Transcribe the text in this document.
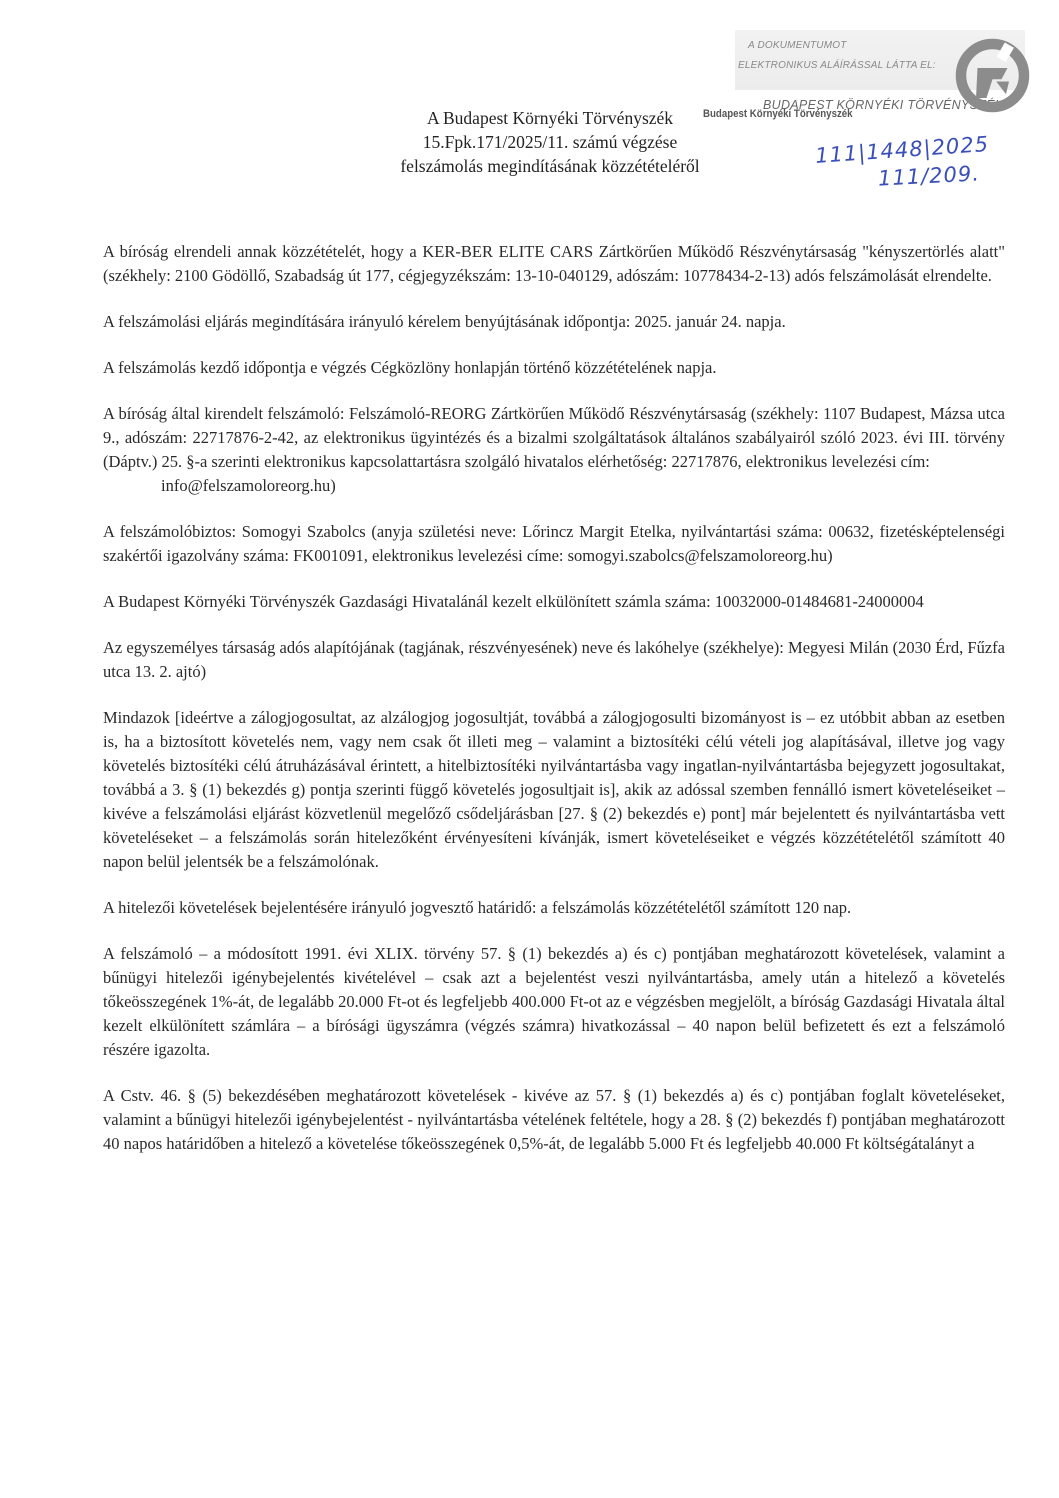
A DOKUMENTUMOT
ELEKTRONIKUS ALÁÍRÁSSAL LÁTTA EL:
BUDAPEST KÖRNYÉKI TÖRVÉNYSZÉK
Budapest Környéki Törvényszék
111|1448|2025
111/209.
A Budapest Környéki Törvényszék
15.Fpk.171/2025/11. számú végzése
felszámolás megindításának közzétételéről

A bíróság elrendeli annak közzétételét, hogy a KER-BER ELITE CARS Zártkörűen Működő Részvénytársaság "kényszertörlés alatt" (székhely: 2100 Gödöllő, Szabadság út 177, cégjegyzékszám: 13-10-040129, adószám: 10778434-2-13) adós felszámolását elrendelte.

A felszámolási eljárás megindítására irányuló kérelem benyújtásának időpontja: 2025. január 24. napja.

A felszámolás kezdő időpontja e végzés Cégközlöny honlapján történő közzétételének napja.

A bíróság által kirendelt felszámoló: Felszámoló-REORG Zártkörűen Működő Részvénytársaság (székhely: 1107 Budapest, Mázsa utca 9., adószám: 22717876-2-42, az elektronikus ügyintézés és a bizalmi szolgáltatások általános szabályairól szóló 2023. évi III. törvény (Dáptv.) 25. §-a szerinti elektronikus kapcsolattartásra szolgáló hivatalos elérhetőség: 22717876, elektronikus levelezési cím:
info@felszamoloreorg.hu)

A felszámolóbiztos: Somogyi Szabolcs (anyja születési neve: Lőrincz Margit Etelka, nyilvántartási száma: 00632, fizetésképtelenségi szakértői igazolvány száma: FK001091, elektronikus levelezési címe: somogyi.szabolcs@felszamoloreorg.hu)

A Budapest Környéki Törvényszék Gazdasági Hivatalánál kezelt elkülönített számla száma: 10032000-01484681-24000004

Az egyszemélyes társaság adós alapítójának (tagjának, részvényesének) neve és lakóhelye (székhelye): Megyesi Milán (2030 Érd, Fűzfa utca 13. 2. ajtó)

Mindazok [ideértve a zálogjogosultat, az alzálogjog jogosultját, továbbá a zálogjogosulti bizományost is – ez utóbbit abban az esetben is, ha a biztosított követelés nem, vagy nem csak őt illeti meg – valamint a biztosítéki célú vételi jog alapításával, illetve jog vagy követelés biztosítéki célú átruházásával érintett, a hitelbiztosítéki nyilvántartásba vagy ingatlan-nyilvántartásba bejegyzett jogosultakat, továbbá a 3. § (1) bekezdés g) pontja szerinti függő követelés jogosultjait is], akik az adóssal szemben fennálló ismert követeléseiket – kivéve a felszámolási eljárást közvetlenül megelőző csődeljárásban [27. § (2) bekezdés e) pont] már bejelentett és nyilvántartásba vett követeléseket – a felszámolás során hitelezőként érvényesíteni kívánják, ismert követeléseiket e végzés közzétételétől számított 40 napon belül jelentsék be a felszámolónak.

A hitelezői követelések bejelentésére irányuló jogvesztő határidő: a felszámolás közzétételétől számított 120 nap.

A felszámoló – a módosított 1991. évi XLIX. törvény 57. § (1) bekezdés a) és c) pontjában meghatározott követelések, valamint a bűnügyi hitelezői igénybejelentés kivételével – csak azt a bejelentést veszi nyilvántartásba, amely után a hitelező a követelés tőkeösszegének 1%-át, de legalább 20.000 Ft-ot és legfeljebb 400.000 Ft-ot az e végzésben megjelölt, a bíróság Gazdasági Hivatala által kezelt elkülönített számlára – a bírósági ügyszámra (végzés számra) hivatkozással – 40 napon belül befizetett és ezt a felszámoló részére igazolta.

A Cstv. 46. § (5) bekezdésében meghatározott követelések - kivéve az 57. § (1) bekezdés a) és c) pontjában foglalt követeléseket, valamint a bűnügyi hitelezői igénybejelentést - nyilvántartásba vételének feltétele, hogy a 28. § (2) bekezdés f) pontjában meghatározott 40 napos határidőben a hitelező a követelése tőkeösszegének 0,5%-át, de legalább 5.000 Ft és legfeljebb 40.000 Ft költségátalányt a
